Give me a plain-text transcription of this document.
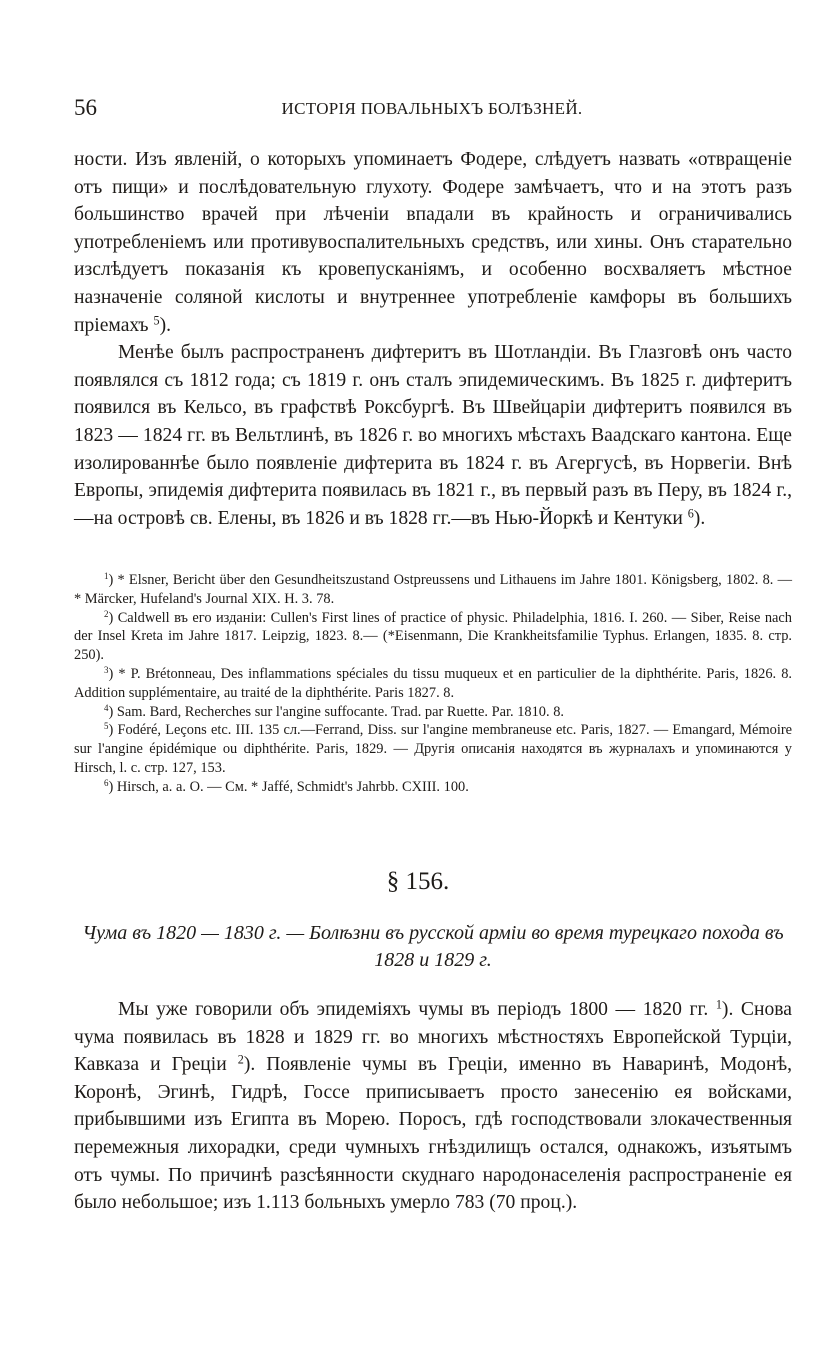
56	ИСТОРІЯ ПОВАЛЬНЫХЪ БОЛѢЗНЕЙ.

ности. Изъ явленій, о которыхъ упоминаетъ Фодере, слѣдуетъ назвать «отвращеніе отъ пищи» и послѣдовательную глухоту. Фодере замѣчаетъ, что и на этотъ разъ большинство врачей при лѣченіи впадали въ крайность и ограничивались употребленіемъ или противувоспалительныхъ средствъ, или хины. Онъ старательно изслѣдуетъ показанія къ кровепусканіямъ, и особенно восхваляетъ мѣстное назначеніе соляной кислоты и внутреннее употребленіе камфоры въ большихъ пріемахъ $^5$).

Менѣе былъ распространенъ дифтеритъ въ Шотландіи. Въ Глазговѣ онъ часто появлялся съ 1812 года; съ 1819 г. онъ сталъ эпидемическимъ. Въ 1825 г. дифтеритъ появился въ Кельсо, въ графствѣ Роксбургѣ. Въ Швейцаріи дифтеритъ появился въ 1823 — 1824 гг. въ Вельтлинѣ, въ 1826 г. во многихъ мѣстахъ Ваадскаго кантона. Еще изолированнѣе было появленіе дифтерита въ 1824 г. въ Агергусѣ, въ Норвегіи. Внѣ Европы, эпидемія дифтерита появилась въ 1821 г., въ первый разъ въ Перу, въ 1824 г.,—на островѣ св. Елены, въ 1826 и въ 1828 гг.—въ Нью-Йоркѣ и Кентуки $^6$).

$^1$) * Elsner, Bericht über den Gesundheitszustand Ostpreussens und Lithauens im Jahre 1801. Königsberg, 1802. 8. — * Märcker, Hufeland's Journal XIX. H. 3. 78.

$^2$) Caldwell въ его изданіи: Cullen's First lines of practice of physic. Philadelphia, 1816. I. 260. — Siber, Reise nach der Insel Kreta im Jahre 1817. Leipzig, 1823. 8.— (*Eisenmann, Die Krankheitsfamilie Typhus. Erlangen, 1835. 8. стр. 250).

$^3$) * P. Brétonneau, Des inflammations spéciales du tissu muqueux et en particulier de la diphthérite. Paris, 1826. 8. Addition supplémentaire, au traité de la diphthérite. Paris 1827. 8.

$^4$) Sam. Bard, Recherches sur l'angine suffocante. Trad. par Ruette. Par. 1810. 8.

$^5$) Fodéré, Leçons etc. III. 135 сл.—Ferrand, Diss. sur l'angine membraneuse etc. Paris, 1827. — Emangard, Mémoire sur l'angine épidémique ou diphthérite. Paris, 1829. — Другія описанія находятся въ журналахъ и упоминаются у Hirsch, l. c. стр. 127, 153.

$^6$) Hirsch, a. a. O. — См. * Jaffé, Schmidt's Jahrbb. CXIII. 100.

§ 156.
Чума въ 1820 — 1830 г. — Болѣзни въ русской арміи во время турецкаго похода въ 1828 и 1829 г.

Мы уже говорили объ эпидеміяхъ чумы въ періодъ 1800 — 1820 гг. $^1$). Снова чума появилась въ 1828 и 1829 гг. во многихъ мѣстностяхъ Европейской Турціи, Кавказа и Греціи $^2$). Появленіе чумы въ Греціи, именно въ Наваринѣ, Модонѣ, Коронѣ, Эгинѣ, Гидрѣ, Госсе приписываетъ просто занесенію ея войсками, прибывшими изъ Египта въ Морею. Поросъ, гдѣ господствовали злокачественныя перемежныя лихорадки, среди чумныхъ гнѣздилищъ остался, однакожъ, изъятымъ отъ чумы. По причинѣ разсѣянности скуднаго народонаселенія распространеніе ея было небольшое; изъ 1.113 больныхъ умерло 783 (70 проц.).
